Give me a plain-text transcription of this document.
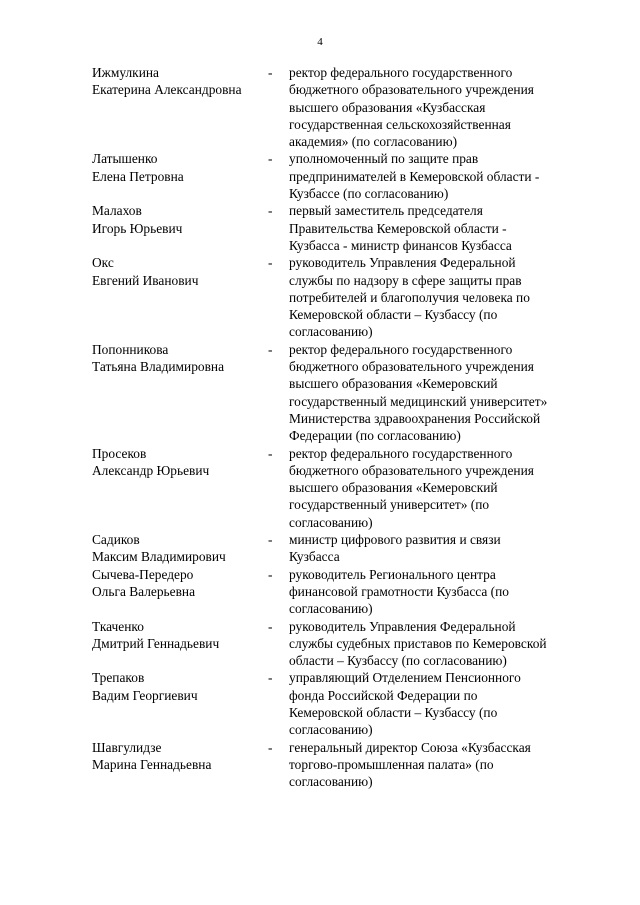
4
Ижмулкина
Екатерина Александровна
-	ректор федерального государственного
бюджетного образовательного учреждения
высшего образования «Кузбасская
государственная сельскохозяйственная
академия» (по согласованию)
Латышенко
Елена Петровна
-	уполномоченный по защите прав
предпринимателей в Кемеровской области -
Кузбассе (по согласованию)
Малахов
Игорь Юрьевич
-	первый заместитель председателя
Правительства Кемеровской области -
Кузбасса - министр финансов Кузбасса
Окс
Евгений Иванович
-	руководитель Управления Федеральной
службы по надзору в сфере защиты прав
потребителей и благополучия человека по
Кемеровской области – Кузбассу (по
согласованию)
Попонникова
Татьяна Владимировна
-	ректор федерального государственного
бюджетного образовательного учреждения
высшего образования «Кемеровский
государственный медицинский университет»
Министерства здравоохранения Российской
Федерации (по согласованию)
Просеков
Александр Юрьевич
-	ректор федерального государственного
бюджетного образовательного учреждения
высшего образования «Кемеровский
государственный университет» (по
согласованию)
Садиков
Максим Владимирович
-	министр цифрового развития и связи
Кузбасса
Сычева-Передеро
Ольга Валерьевна
-	руководитель Регионального центра
финансовой грамотности Кузбасса (по
согласованию)
Ткаченко
Дмитрий Геннадьевич
-	руководитель Управления Федеральной
службы судебных приставов по Кемеровской
области – Кузбассу (по согласованию)
Трепаков
Вадим Георгиевич
-	управляющий Отделением Пенсионного
фонда Российской Федерации по
Кемеровской области – Кузбассу (по
согласованию)
Шавгулидзе
Марина Геннадьевна
-	генеральный директор Союза «Кузбасская
торгово-промышленная палата» (по
согласованию)
